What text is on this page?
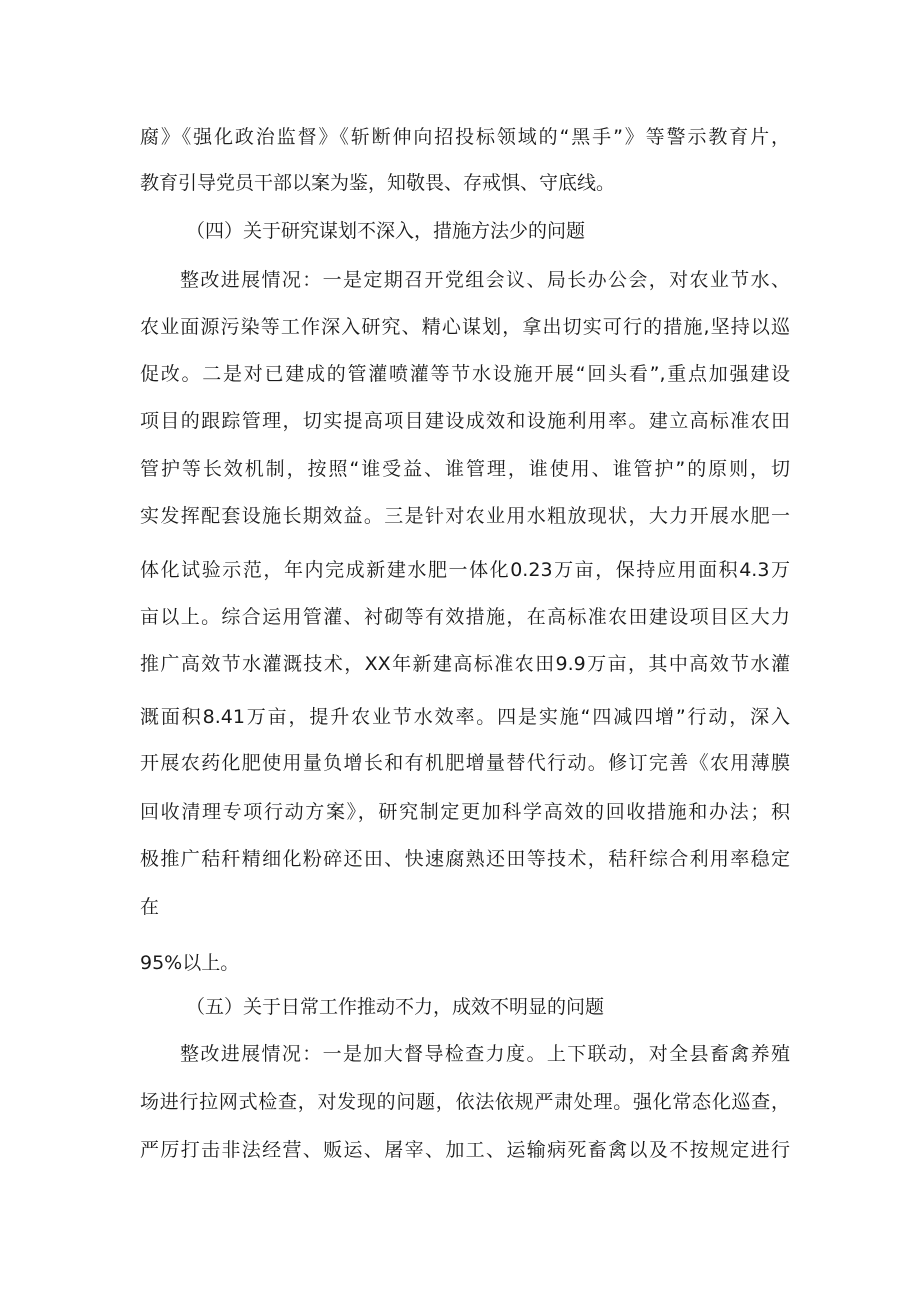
腐》《强化政治监督》《斩断伸向招投标领域的“黑手”》等警示教育片，
教育引导党员干部以案为鉴，知敬畏、存戒惧、守底线。
（四）关于研究谋划不深入，措施方法少的问题
整改进展情况：一是定期召开党组会议、局长办公会，对农业节水、
农业面源污染等工作深入研究、精心谋划，拿出切实可行的措施,坚持以巡
促改。二是对已建成的管灌喷灌等节水设施开展“回头看”,重点加强建设
项目的跟踪管理，切实提高项目建设成效和设施利用率。建立高标准农田
管护等长效机制，按照“谁受益、谁管理，谁使用、谁管护”的原则，切
实发挥配套设施长期效益。三是针对农业用水粗放现状，大力开展水肥一
体化试验示范，年内完成新建水肥一体化0.23万亩，保持应用面积4.3万
亩以上。综合运用管灌、衬砌等有效措施，在高标准农田建设项目区大力
推广高效节水灌溉技术，XX年新建高标准农田9.9万亩，其中高效节水灌
溉面积8.41万亩，提升农业节水效率。四是实施“四减四增”行动，深入
开展农药化肥使用量负增长和有机肥增量替代行动。修订完善《农用薄膜
回收清理专项行动方案》，研究制定更加科学高效的回收措施和办法；积
极推广秸秆精细化粉碎还田、快速腐熟还田等技术，秸秆综合利用率稳定
在
95%以上。
（五）关于日常工作推动不力，成效不明显的问题
整改进展情况：一是加大督导检查力度。上下联动，对全县畜禽养殖
场进行拉网式检查，对发现的问题，依法依规严肃处理。强化常态化巡查，
严厉打击非法经营、贩运、屠宰、加工、运输病死畜禽以及不按规定进行
